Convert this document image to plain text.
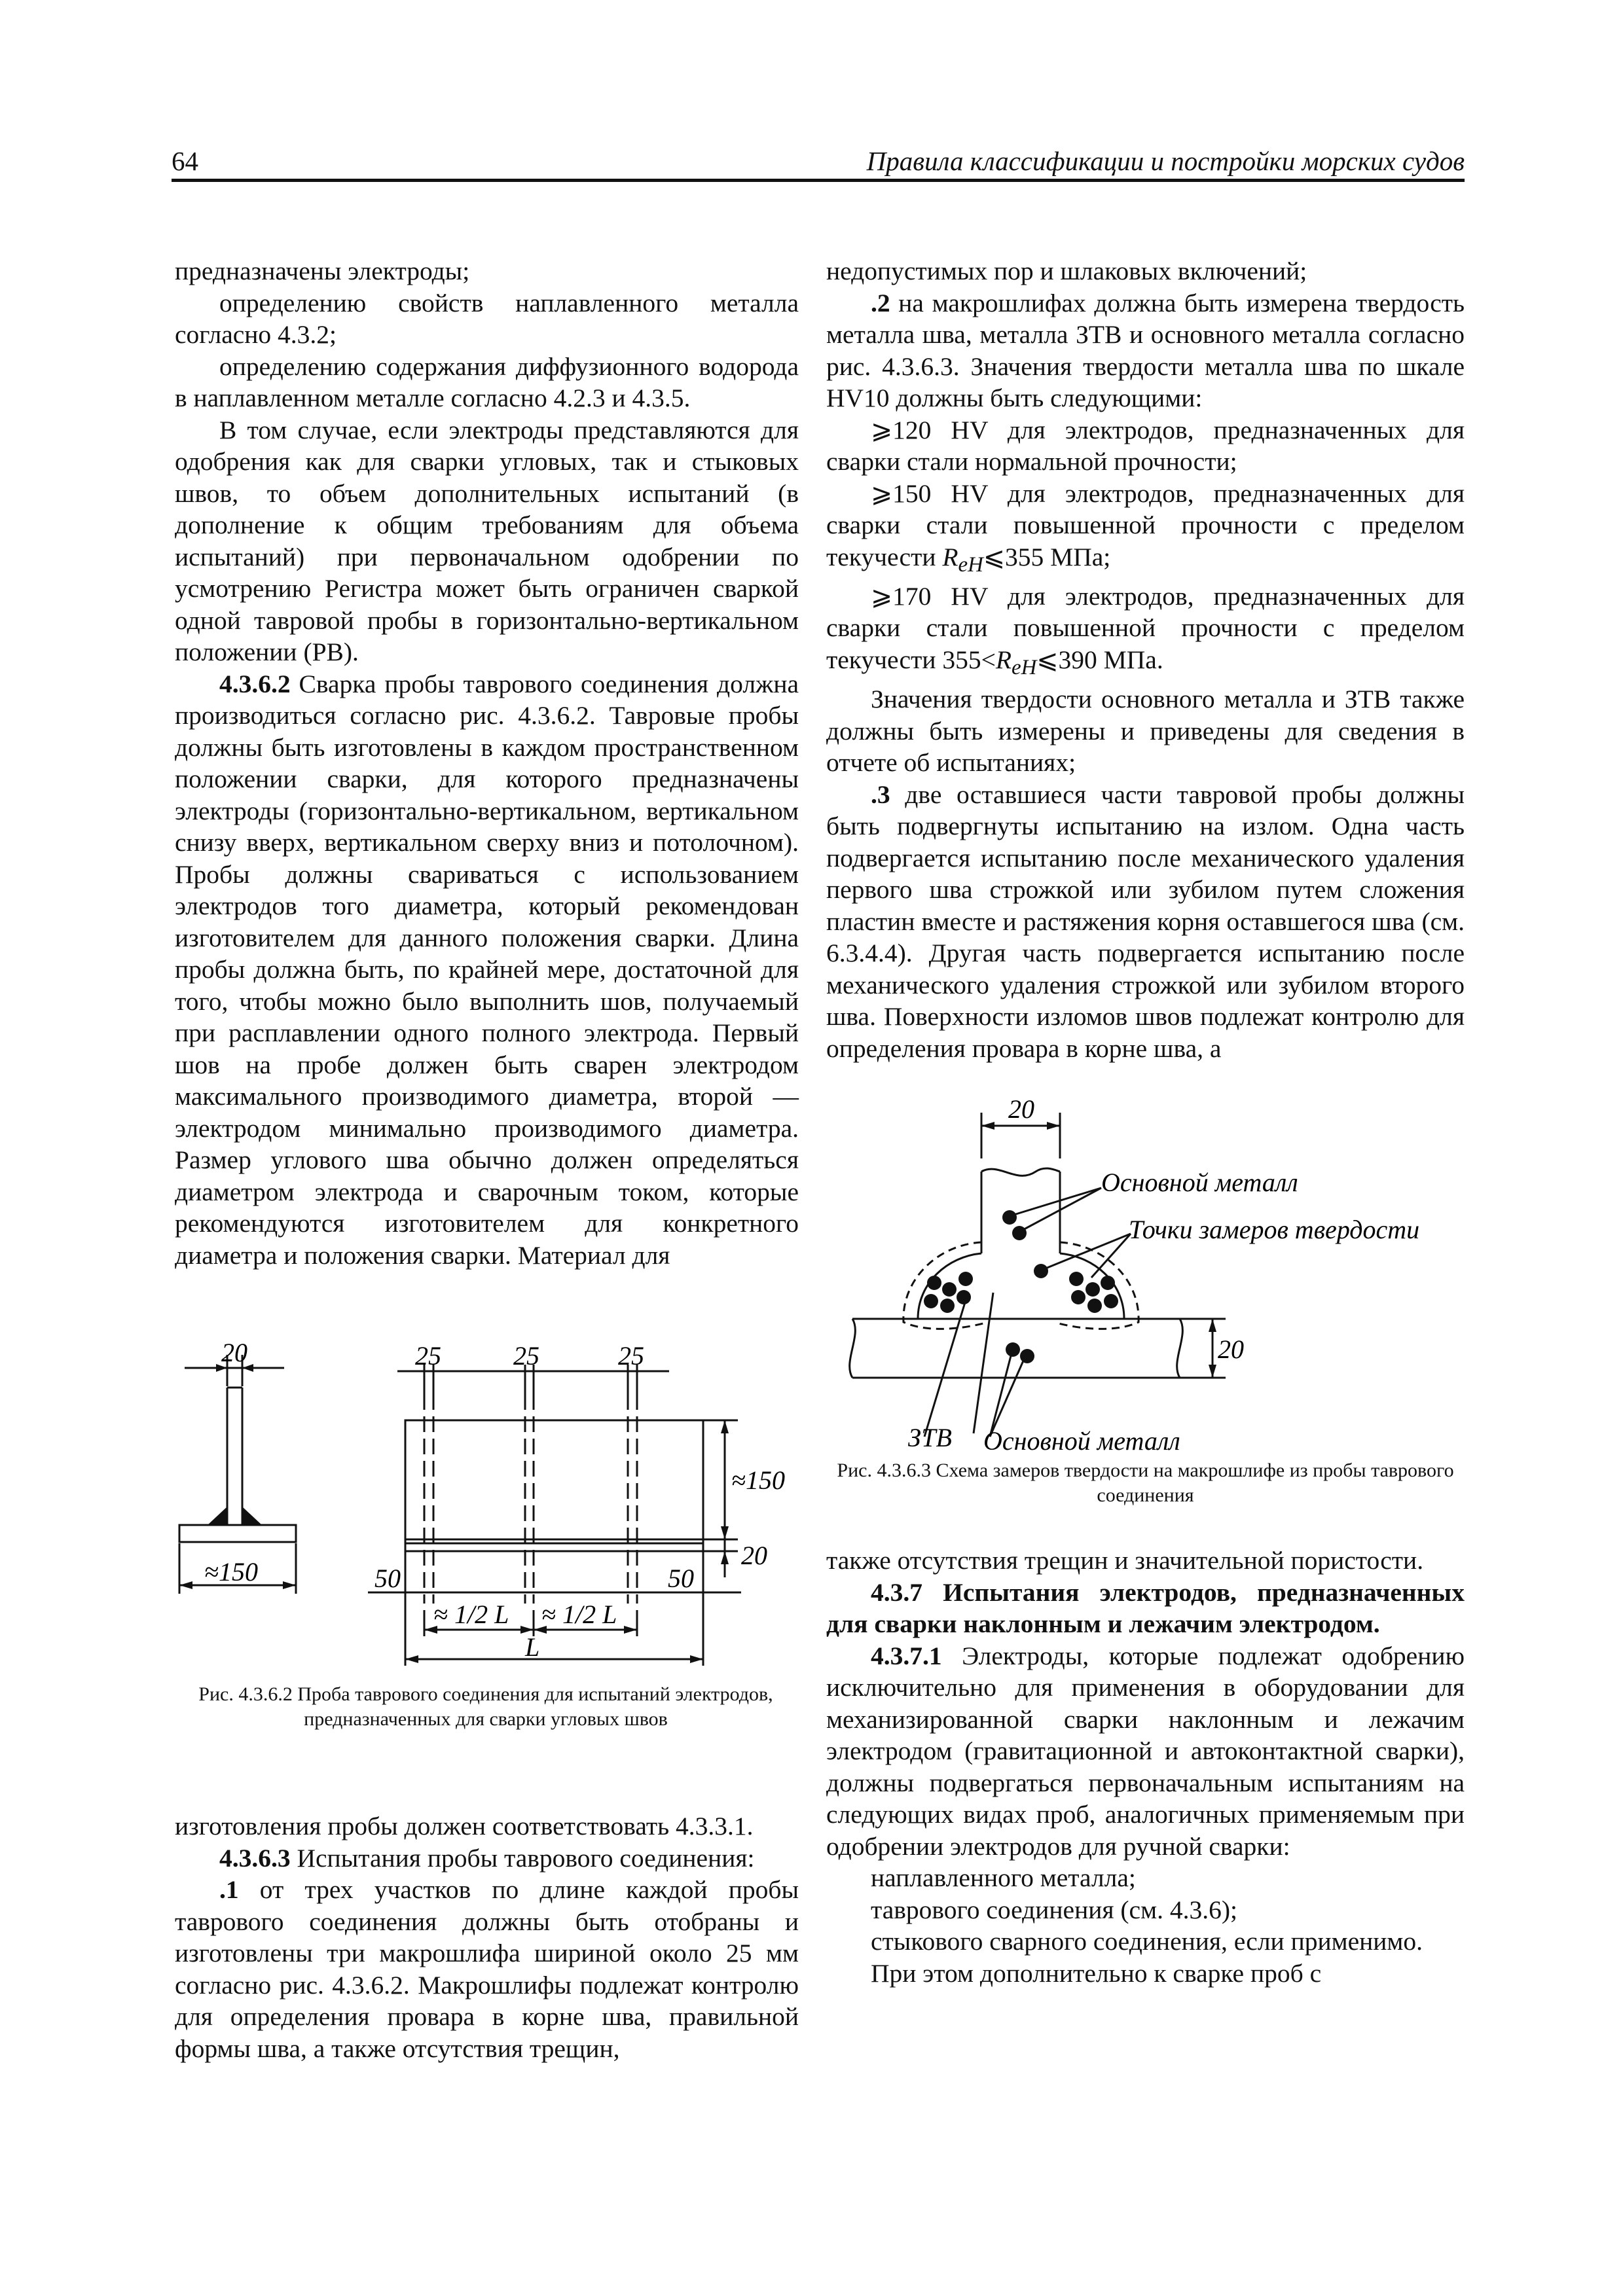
64	Правила классификации и постройки морских судов

предназначены электроды;

определению свойств наплавленного металла согласно 4.3.2;

определению содержания диффузионного водорода в наплавленном металле согласно 4.2.3 и 4.3.5.

В том случае, если электроды представляются для одобрения как для сварки угловых, так и стыковых швов, то объем дополнительных испытаний (в дополнение к общим требованиям для объема испытаний) при первоначальном одобрении по усмотрению Регистра может быть ограничен сваркой одной тавровой пробы в горизонтально-вертикальном положении (PB).

4.3.6.2 Сварка пробы таврового соединения должна производиться согласно рис. 4.3.6.2. Тавровые пробы должны быть изготовлены в каждом пространственном положении сварки, для которого предназначены электроды (горизонтально-вертикальном, вертикальном снизу вверх, вертикальном сверху вниз и потолочном). Пробы должны свариваться с использованием электродов того диаметра, который рекомендован изготовителем для данного положения сварки. Длина пробы должна быть, по крайней мере, достаточной для того, чтобы можно было выполнить шов, получаемый при расплавлении одного полного электрода. Первый шов на пробе должен быть сварен электродом максимального производимого диаметра, второй — электродом минимально производимого диаметра. Размер углового шва обычно должен определяться диаметром электрода и сварочным током, которые рекомендуются изготовителем для конкретного диаметра и положения сварки. Материал для

изготовления пробы должен соответствовать 4.3.3.1.

4.3.6.3 Испытания пробы таврового соединения:

.1 от трех участков по длине каждой пробы таврового соединения должны быть отобраны и изготовлены три макрошлифа шириной около 25 мм согласно рис. 4.3.6.2. Макрошлифы подлежат контролю для определения провара в корне шва, правильной формы шва, а также отсутствия трещин,

недопустимых пор и шлаковых включений;

.2 на макрошлифах должна быть измерена твердость металла шва, металла ЗТВ и основного металла согласно рис. 4.3.6.3. Значения твердости металла шва по шкале HV10 должны быть следующими:

⩾120 HV для электродов, предназначенных для сварки стали нормальной прочности;

⩾150 HV для электродов, предназначенных для сварки стали повышенной прочности с пределом текучести $R_{eH}⩽355$ МПа;

⩾170 HV для электродов, предназначенных для сварки стали повышенной прочности с пределом текучести $355<R_{eH}⩽390$ МПа.

Значения твердости основного металла и ЗТВ также должны быть измерены и приведены для сведения в отчете об испытаниях;

.3 две оставшиеся части тавровой пробы должны быть подвергнуты испытанию на излом. Одна часть подвергается испытанию после механического удаления первого шва строжкой или зубилом путем сложения пластин вместе и растяжения корня оставшегося шва (см. 6.3.4.4). Другая часть подвергается испытанию после механического удаления строжкой или зубилом второго шва. Поверхности изломов швов подлежат контролю для определения провара в корне шва, а

также отсутствия трещин и значительной пористости.

4.3.7 Испытания электродов, предназначенных для сварки наклонным и лежачим электродом.

4.3.7.1 Электроды, которые подлежат одобрению исключительно для применения в оборудовании для механизированной сварки наклонным и лежачим электродом (гравитационной и автоконтактной сварки), должны подвергаться первоначальным испытаниям на следующих видах проб, аналогичных применяемым при одобрении электродов для ручной сварки:

наплавленного металла;

таврового соединения (см. 4.3.6);

стыкового сварного соединения, если применимо.

При этом дополнительно к сварке проб с

20
≈150
25	25	25
≈150
20
50	50
≈ 1/2 L ≈ 1/2 L
L
Рис. 4.3.6.2 Проба таврового соединения для испытаний электродов, предназначенных для сварки угловых швов
20
20
Основной металл
Точки замеров твердости
ЗТВ Основной металл
Рис. 4.3.6.3 Схема замеров твердости на макрошлифе из пробы таврового соединения
